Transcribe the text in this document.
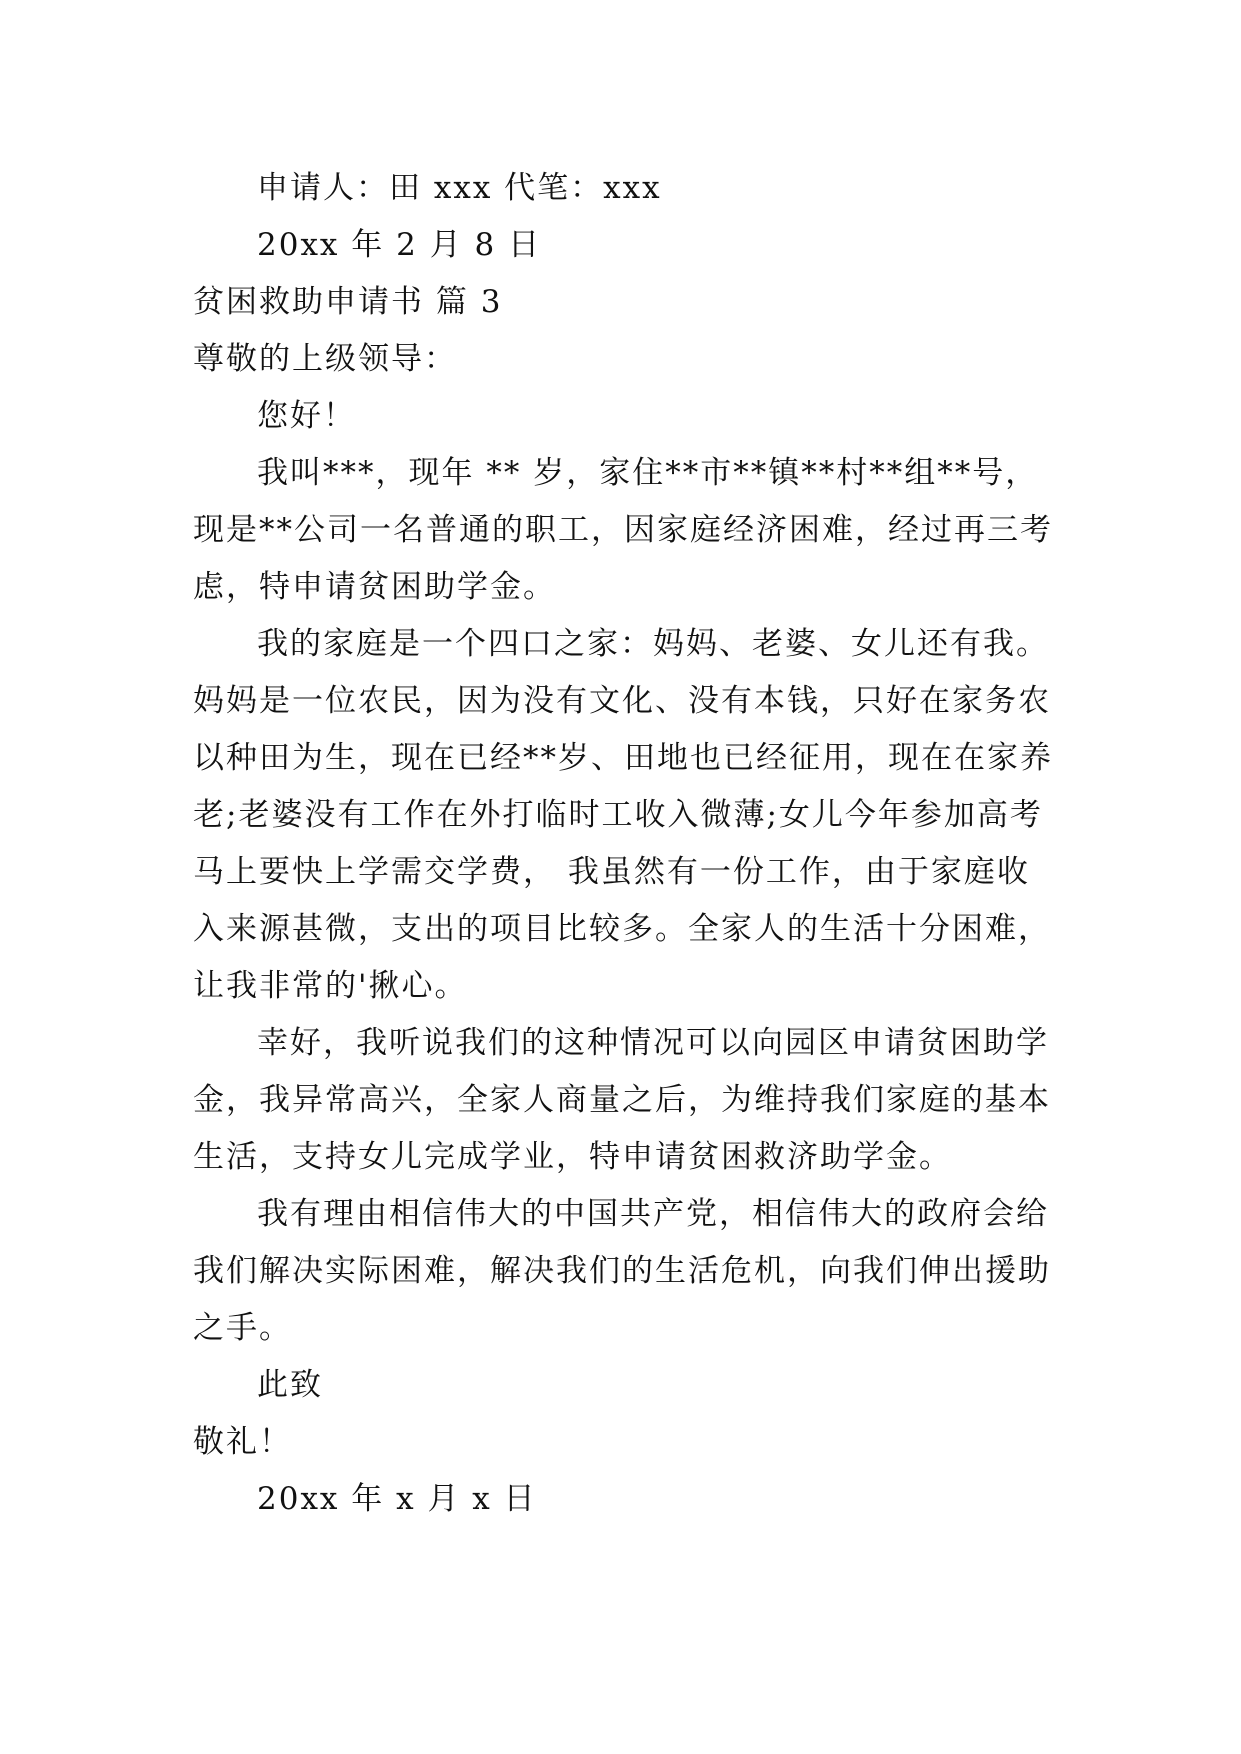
申请人：田 xxx 代笔：xxx
20xx 年 2 月 8 日
贫困救助申请书 篇 3
尊敬的上级领导：
您好！
我叫***，现年 ** 岁，家住**市**镇**村**组**号，
现是**公司一名普通的职工，因家庭经济困难，经过再三考
虑，特申请贫困助学金。
我的家庭是一个四口之家：妈妈、老婆、女儿还有我。
妈妈是一位农民，因为没有文化、没有本钱，只好在家务农
以种田为生，现在已经**岁、田地也已经征用，现在在家养
老;老婆没有工作在外打临时工收入微薄;女儿今年参加高考
马上要快上学需交学费， 我虽然有一份工作，由于家庭收
入来源甚微，支出的项目比较多。全家人的生活十分困难，
让我非常的'揪心。
幸好，我听说我们的这种情况可以向园区申请贫困助学
金，我异常高兴，全家人商量之后，为维持我们家庭的基本
生活，支持女儿完成学业，特申请贫困救济助学金。
我有理由相信伟大的中国共产党，相信伟大的政府会给
我们解决实际困难，解决我们的生活危机，向我们伸出援助
之手。
此致
敬礼！
20xx 年 x 月 x 日
